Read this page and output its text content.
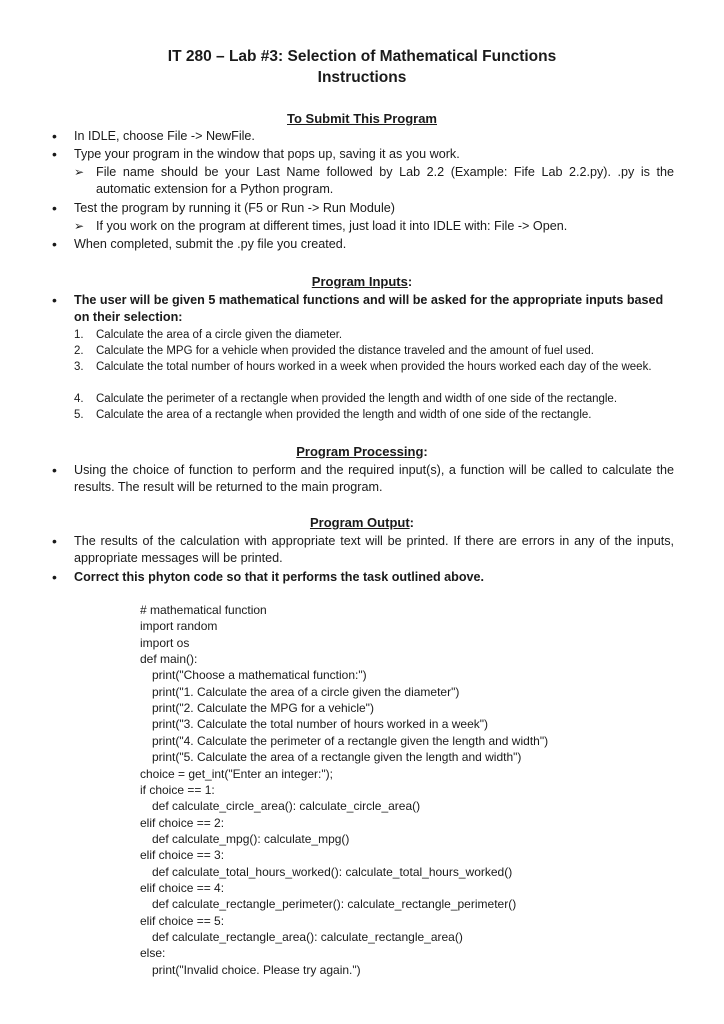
IT 280 – Lab #3: Selection of Mathematical Functions
Instructions
To Submit This Program
• In IDLE, choose File -> NewFile.
• Type your program in the window that pops up, saving it as you work.
➢ File name should be your Last Name followed by Lab 2.2 (Example: Fife Lab 2.2.py). .py is the automatic extension for a Python program.
• Test the program by running it (F5 or Run -> Run Module)
➢ If you work on the program at different times, just load it into IDLE with: File -> Open.
• When completed, submit the .py file you created.
Program Inputs:
• The user will be given 5 mathematical functions and will be asked for the appropriate inputs based on their selection:
1.	Calculate the area of a circle given the diameter.
2.	Calculate the MPG for a vehicle when provided the distance traveled and the amount of fuel used.
3.	Calculate the total number of hours worked in a week when provided the hours worked each day of the week.
4.	Calculate the perimeter of a rectangle when provided the length and width of one side of the rectangle.
5.	Calculate the area of a rectangle when provided the length and width of one side of the rectangle.
Program Processing:
• Using the choice of function to perform and the required input(s), a function will be called to calculate the results. The result will be returned to the main program.
Program Output:
• The results of the calculation with appropriate text will be printed. If there are errors in any of the inputs, appropriate messages will be printed.
• Correct this phyton code so that it performs the task outlined above.
# mathematical function
import random
import os
def main():
print("Choose a mathematical function:")
print("1. Calculate the area of a circle given the diameter")
print("2. Calculate the MPG for a vehicle")
print("3. Calculate the total number of hours worked in a week")
print("4. Calculate the perimeter of a rectangle given the length and width")
print("5. Calculate the area of a rectangle given the length and width")
choice = get_int("Enter an integer:");
if choice == 1:
def calculate_circle_area(): calculate_circle_area()
elif choice == 2:
def calculate_mpg(): calculate_mpg()
elif choice == 3:
def calculate_total_hours_worked(): calculate_total_hours_worked()
elif choice == 4:
def calculate_rectangle_perimeter(): calculate_rectangle_perimeter()
elif choice == 5:
def calculate_rectangle_area(): calculate_rectangle_area()
else:
print("Invalid choice. Please try again.")
